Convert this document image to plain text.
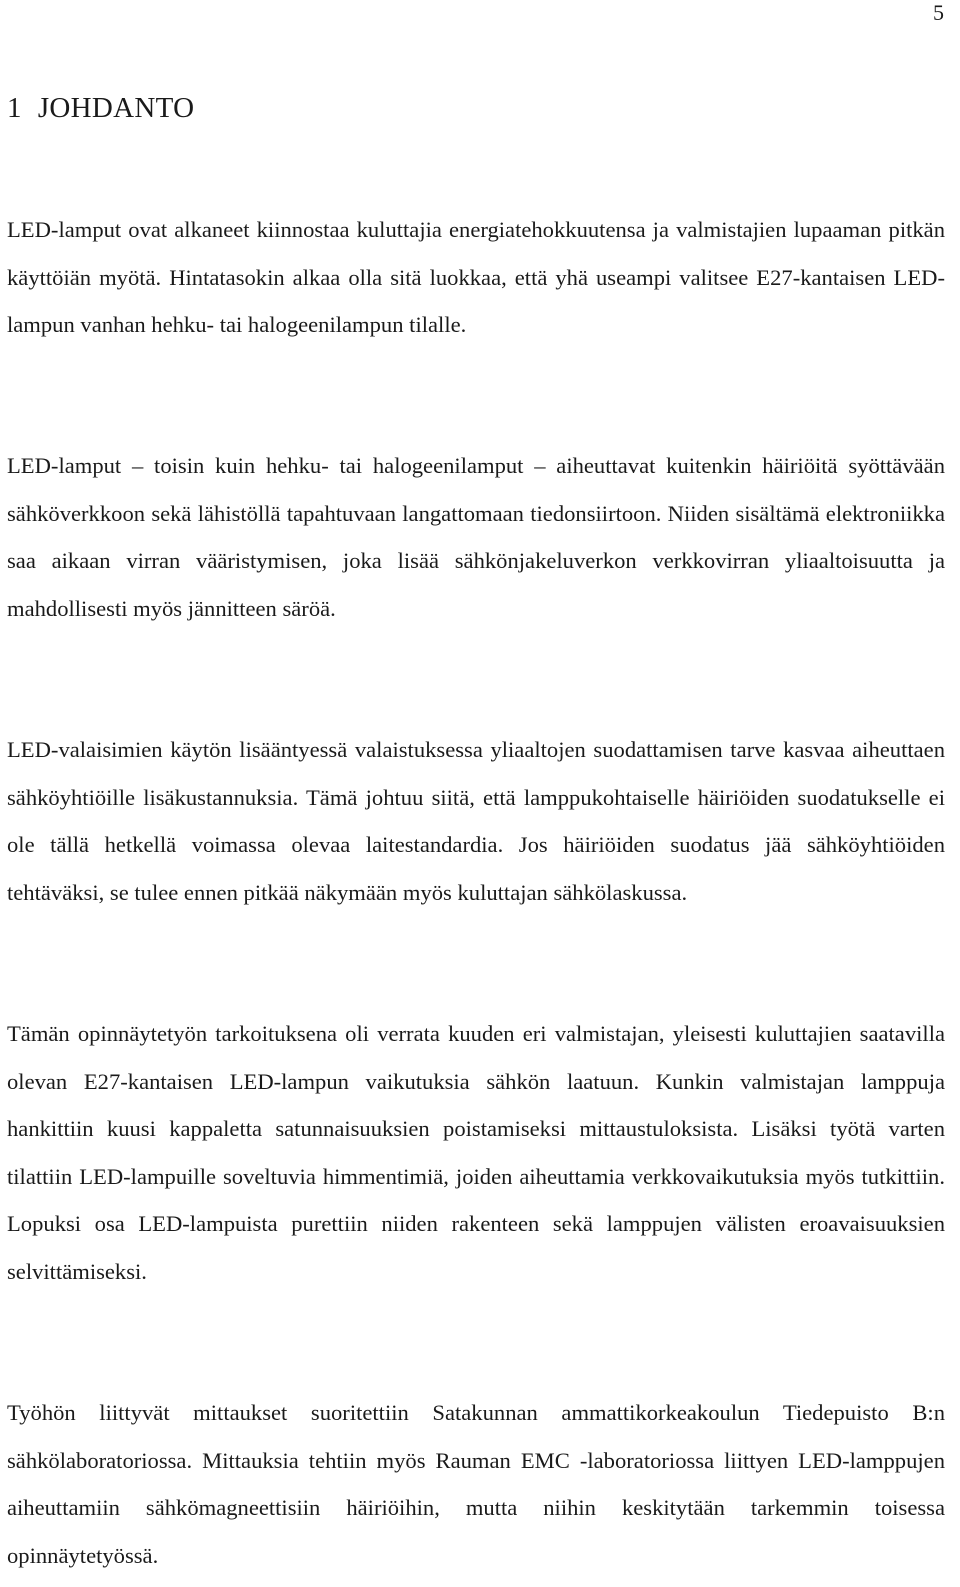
5
1 JOHDANTO

LED-lamput ovat alkaneet kiinnostaa kuluttajia energiatehokkuutensa ja valmistajien lupaaman pitkän käyttöiän myötä. Hintatasokin alkaa olla sitä luokkaa, että yhä useampi valitsee E27-kantaisen LED-lampun vanhan hehku- tai halogeenilampun tilalle.

LED-lamput – toisin kuin hehku- tai halogeenilamput – aiheuttavat kuitenkin häiriöitä syöttävään sähköverkkoon sekä lähistöllä tapahtuvaan langattomaan tiedonsiirtoon. Niiden sisältämä elektroniikka saa aikaan virran vääristymisen, joka lisää sähkönjakeluverkon verkkovirran yliaaltoisuutta ja mahdollisesti myös jännitteen säröä.

LED-valaisimien käytön lisääntyessä valaistuksessa yliaaltojen suodattamisen tarve kasvaa aiheuttaen sähköyhtiöille lisäkustannuksia. Tämä johtuu siitä, että lamppukohtaiselle häiriöiden suodatukselle ei ole tällä hetkellä voimassa olevaa laitestandardia. Jos häiriöiden suodatus jää sähköyhtiöiden tehtäväksi, se tulee ennen pitkää näkymään myös kuluttajan sähkölaskussa.

Tämän opinnäytetyön tarkoituksena oli verrata kuuden eri valmistajan, yleisesti kuluttajien saatavilla olevan E27-kantaisen LED-lampun vaikutuksia sähkön laatuun. Kunkin valmistajan lamppuja hankittiin kuusi kappaletta satunnaisuuksien poistamiseksi mittaustuloksista. Lisäksi työtä varten tilattiin LED-lampuille soveltuvia himmentimiä, joiden aiheuttamia verkkovaikutuksia myös tutkittiin. Lopuksi osa LED-lampuista purettiin niiden rakenteen sekä lamppujen välisten eroavaisuuksien selvittämiseksi.

Työhön liittyvät mittaukset suoritettiin Satakunnan ammattikorkeakoulun Tiedepuisto B:n sähkölaboratoriossa. Mittauksia tehtiin myös Rauman EMC -laboratoriossa liittyen LED-lamppujen aiheuttamiin sähkömagneettisiin häiriöihin, mutta niihin keskitytään tarkemmin toisessa opinnäytetyössä.
